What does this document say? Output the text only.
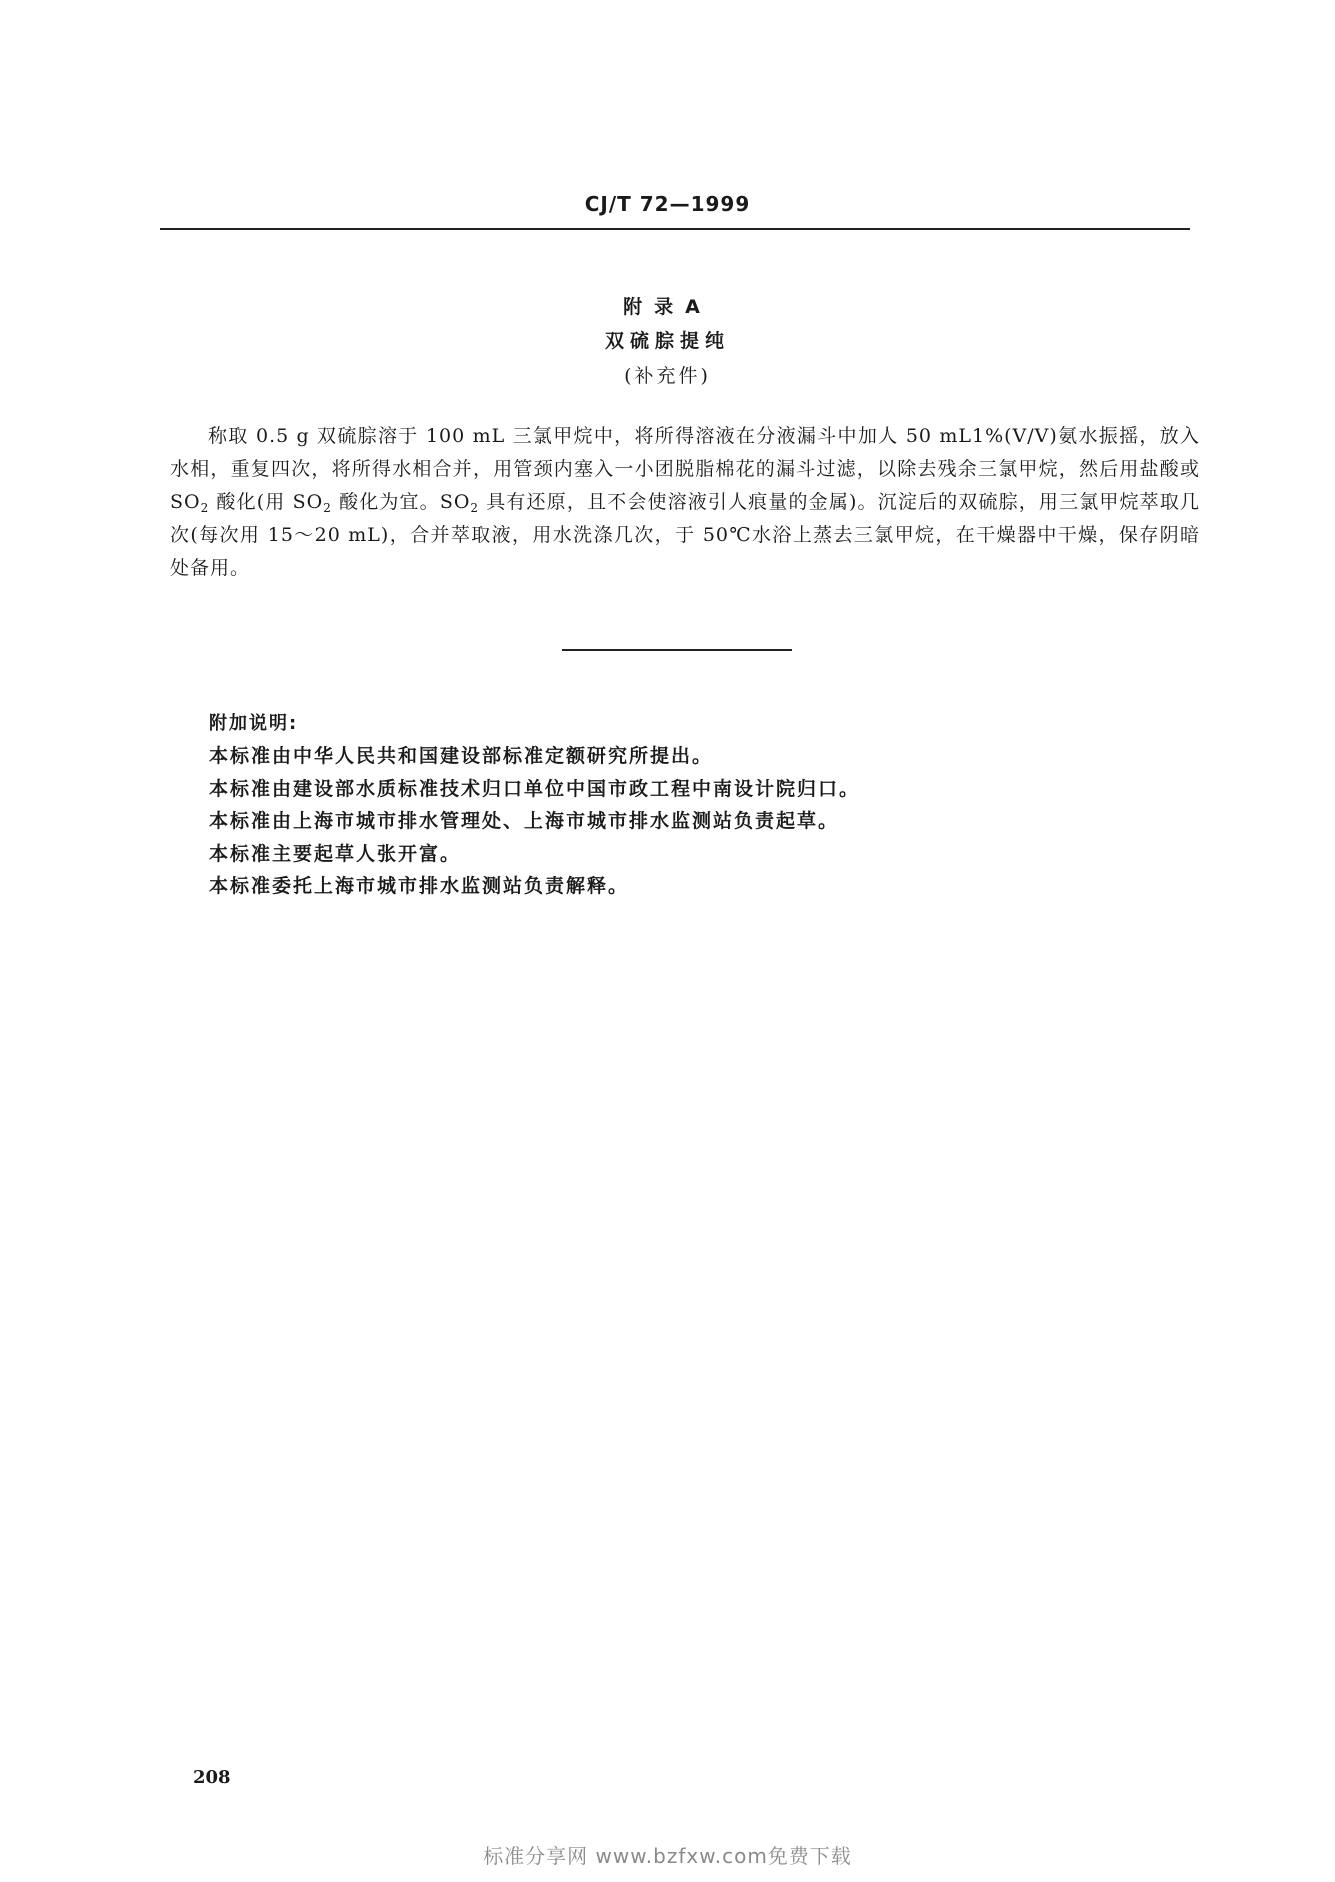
CJ/T 72—1999
附录A
双硫腙提纯
(补充件)

称取 0.5 g 双硫腙溶于 100 mL 三氯甲烷中，将所得溶液在分液漏斗中加人 50 mL1%(V/V)氨水振摇，放入水相，重复四次，将所得水相合并，用管颈内塞入一小团脱脂棉花的漏斗过滤，以除去残余三氯甲烷，然后用盐酸或 $SO_2$ 酸化(用 $SO_2$ 酸化为宜。$SO_2$ 具有还原，且不会使溶液引人痕量的金属)。沉淀后的双硫腙，用三氯甲烷萃取几次(每次用 15～20 mL)，合并萃取液，用水洗涤几次，于 50℃水浴上蒸去三氯甲烷，在干燥器中干燥，保存阴暗处备用。

附加说明:
本标准由中华人民共和国建设部标准定额研究所提出。
本标准由建设部水质标准技术归口单位中国市政工程中南设计院归口。
本标准由上海市城市排水管理处、上海市城市排水监测站负责起草。
本标准主要起草人张开富。
本标准委托上海市城市排水监测站负责解释。
208
标准分享网 www.bzfxw.com免费下载
